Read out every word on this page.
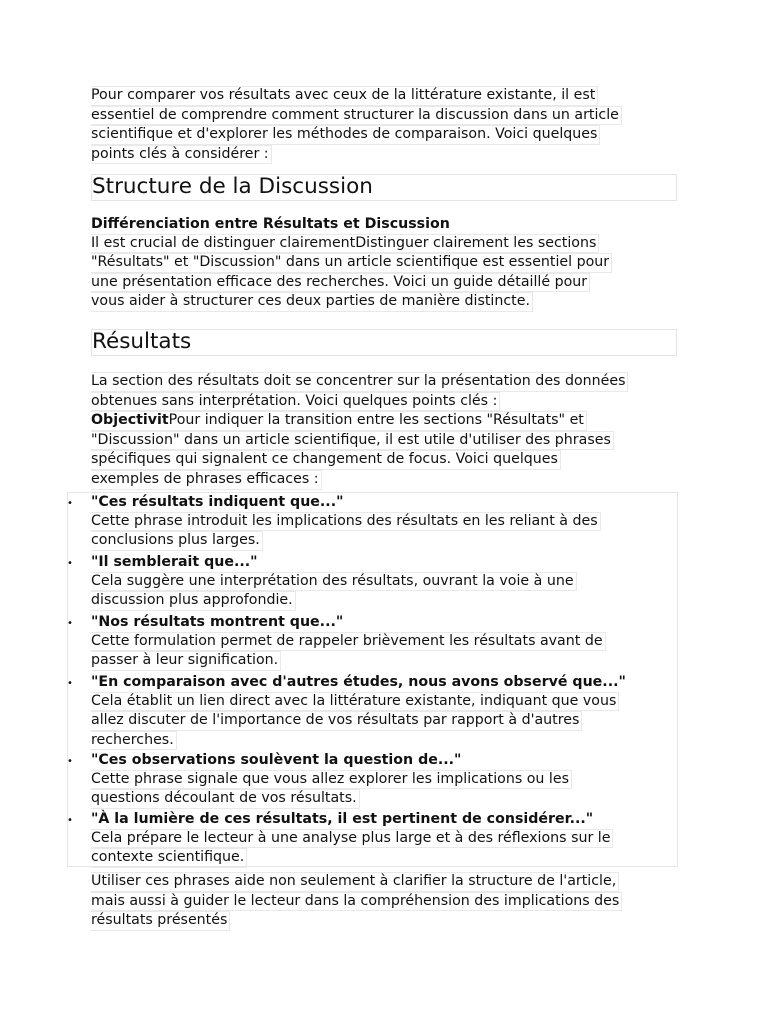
Pour comparer vos résultats avec ceux de la littérature existante, il est
essentiel de comprendre comment structurer la discussion dans un article
scientifique et d'explorer les méthodes de comparaison. Voici quelques
points clés à considérer :
Structure de la Discussion
Différenciation entre Résultats et Discussion
Il est crucial de distinguer clairementDistinguer clairement les sections
"Résultats" et "Discussion" dans un article scientifique est essentiel pour
une présentation efficace des recherches. Voici un guide détaillé pour
vous aider à structurer ces deux parties de manière distincte.
Résultats
La section des résultats doit se concentrer sur la présentation des données
obtenues sans interprétation. Voici quelques points clés :
ObjectivitPour indiquer la transition entre les sections "Résultats" et
"Discussion" dans un article scientifique, il est utile d'utiliser des phrases
spécifiques qui signalent ce changement de focus. Voici quelques
exemples de phrases efficaces :
• "Ces résultats indiquent que..."
Cette phrase introduit les implications des résultats en les reliant à des
conclusions plus larges.
• "Il semblerait que..."
Cela suggère une interprétation des résultats, ouvrant la voie à une
discussion plus approfondie.
• "Nos résultats montrent que..."
Cette formulation permet de rappeler brièvement les résultats avant de
passer à leur signification.
• "En comparaison avec d'autres études, nous avons observé que..."
Cela établit un lien direct avec la littérature existante, indiquant que vous
allez discuter de l'importance de vos résultats par rapport à d'autres
recherches.
• "Ces observations soulèvent la question de..."
Cette phrase signale que vous allez explorer les implications ou les
questions découlant de vos résultats.
• "À la lumière de ces résultats, il est pertinent de considérer..."
Cela prépare le lecteur à une analyse plus large et à des réflexions sur le
contexte scientifique.
Utiliser ces phrases aide non seulement à clarifier la structure de l'article,
mais aussi à guider le lecteur dans la compréhension des implications des
résultats présentés
